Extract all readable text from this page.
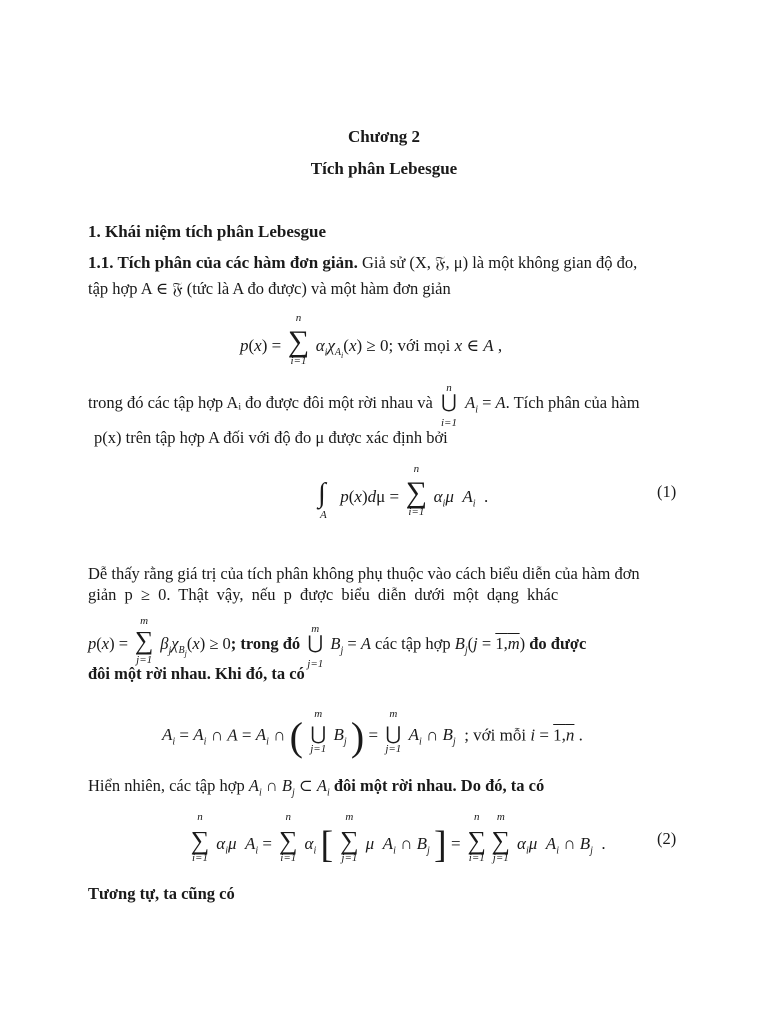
Chương 2
Tích phân Lebesgue
1. Khái niệm tích phân Lebesgue
1.1. Tích phân của các hàm đơn giản. Giả sử (X, 𝔉, μ) là một không gian độ đo,
tập hợp A ∈ 𝔉 (tức là A đo được) và một hàm đơn giản
p(x) =
n
∑
i=1
$\alpha_i\chi_{A_i}(x) \ge 0$; với mọi x ∈ A ,
trong đó các tập hợp Aᵢ đo được đôi một rời nhau và
n
⋃
i=1
$A_i = A$. Tích phân của hàm
p(x) trên tập hợp A đối với độ đo μ được xác định bởi
∫
A
p(x)dμ =
n
∑
i=1
$\alpha_i\mu$  $A_i$  .	(1)
Dễ thấy rằng giá trị của tích phân không phụ thuộc vào cách biểu diễn của hàm đơn
giản p ≥ 0. Thật vậy, nếu p được biểu diễn dưới một dạng khác
p(x) =
m
∑
j=1
$\beta_j\chi_{B_j}(x) \ge 0$; trong đó
m
⋃
j=1
$B_j = A$ các tập hợp $B_j(j = 1,m)$ đo được
đôi một rời nhau. Khi đó, ta có
$A_i = A_i$ ∩ $A = A_i$ ∩ (	m
⋃
j=1
$B_j$ ) =
m
⋃
j=1
$A_i$ ∩ $B_j$ ; với mỗi i = 1,n .
Hiển nhiên, các tập hợp $A_i$ ∩ $B_j$ ⊂ $A_i$ đôi một rời nhau. Do đó, ta có
n
∑
i=1
$\alpha_i\mu$  $A_i$ =
n
∑
i=1
$\alpha_i$ [
m
∑
j=1
μ  $A_i$ ∩ $B_j$ ] =
n
∑
i=1
m
∑
j=1
$\alpha_i\mu$  $A_i$ ∩ $B_j$  .	(2)
Tương tự, ta cũng có
